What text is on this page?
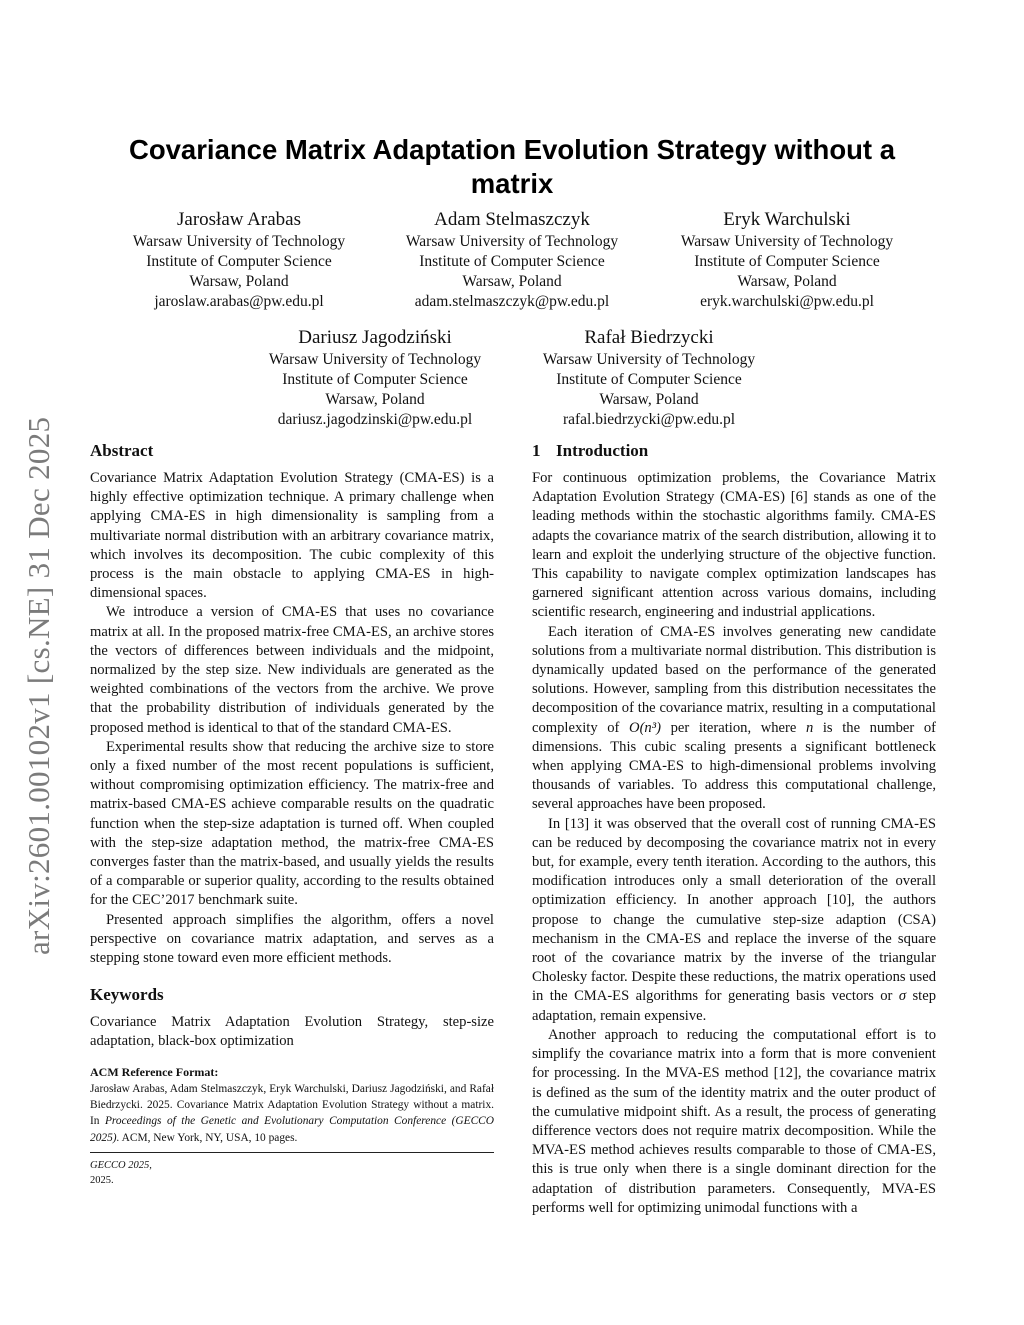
arXiv:2601.00102v1 [cs.NE] 31 Dec 2025
Covariance Matrix Adaptation Evolution Strategy without a matrix
Jarosław Arabas
Warsaw University of Technology
Institute of Computer Science
Warsaw, Poland
jaroslaw.arabas@pw.edu.pl
Adam Stelmaszczyk
Warsaw University of Technology
Institute of Computer Science
Warsaw, Poland
adam.stelmaszczyk@pw.edu.pl
Eryk Warchulski
Warsaw University of Technology
Institute of Computer Science
Warsaw, Poland
eryk.warchulski@pw.edu.pl
Dariusz Jagodziński
Warsaw University of Technology
Institute of Computer Science
Warsaw, Poland
dariusz.jagodzinski@pw.edu.pl
Rafał Biedrzycki
Warsaw University of Technology
Institute of Computer Science
Warsaw, Poland
rafal.biedrzycki@pw.edu.pl
Abstract

Covariance Matrix Adaptation Evolution Strategy (CMA-ES) is a highly effective optimization technique. A primary challenge when applying CMA-ES in high dimensionality is sampling from a multivariate normal distribution with an arbitrary covariance matrix, which involves its decomposition. The cubic complexity of this process is the main obstacle to applying CMA-ES in high-dimensional spaces.

We introduce a version of CMA-ES that uses no covariance matrix at all. In the proposed matrix-free CMA-ES, an archive stores the vectors of differences between individuals and the midpoint, normalized by the step size. New individuals are generated as the weighted combinations of the vectors from the archive. We prove that the probability distribution of individuals generated by the proposed method is identical to that of the standard CMA-ES.

Experimental results show that reducing the archive size to store only a fixed number of the most recent populations is sufficient, without compromising optimization efficiency. The matrix-free and matrix-based CMA-ES achieve comparable results on the quadratic function when the step-size adaptation is turned off. When coupled with the step-size adaptation method, the matrix-free CMA-ES converges faster than the matrix-based, and usually yields the results of a comparable or superior quality, according to the results obtained for the CEC’2017 benchmark suite.

Presented approach simplifies the algorithm, offers a novel perspective on covariance matrix adaptation, and serves as a stepping stone toward even more efficient methods.

Keywords

Covariance Matrix Adaptation Evolution Strategy, step-size adaptation, black-box optimization

ACM Reference Format:

Jarosław Arabas, Adam Stelmaszczyk, Eryk Warchulski, Dariusz Jagodziński, and Rafał Biedrzycki. 2025. Covariance Matrix Adaptation Evolution Strategy without a matrix. In Proceedings of the Genetic and Evolutionary Computation Conference (GECCO 2025). ACM, New York, NY, USA, 10 pages.

GECCO 2025,
2025.
1 Introduction

For continuous optimization problems, the Covariance Matrix Adaptation Evolution Strategy (CMA-ES) [6] stands as one of the leading methods within the stochastic algorithms family. CMA-ES adapts the covariance matrix of the search distribution, allowing it to learn and exploit the underlying structure of the objective function. This capability to navigate complex optimization landscapes has garnered significant attention across various domains, including scientific research, engineering and industrial applications.

Each iteration of CMA-ES involves generating new candidate solutions from a multivariate normal distribution. This distribution is dynamically updated based on the performance of the generated solutions. However, sampling from this distribution necessitates the decomposition of the covariance matrix, resulting in a computational complexity of O(n³) per iteration, where n is the number of dimensions. This cubic scaling presents a significant bottleneck when applying CMA-ES to high-dimensional problems involving thousands of variables. To address this computational challenge, several approaches have been proposed.

In [13] it was observed that the overall cost of running CMA-ES can be reduced by decomposing the covariance matrix not in every but, for example, every tenth iteration. According to the authors, this modification introduces only a small deterioration of the overall optimization efficiency. In another approach [10], the authors propose to change the cumulative step-size adaption (CSA) mechanism in the CMA-ES and replace the inverse of the square root of the covariance matrix by the inverse of the triangular Cholesky factor. Despite these reductions, the matrix operations used in the CMA-ES algorithms for generating basis vectors or σ step adaptation, remain expensive.

Another approach to reducing the computational effort is to simplify the covariance matrix into a form that is more convenient for processing. In the MVA-ES method [12], the covariance matrix is defined as the sum of the identity matrix and the outer product of the cumulative midpoint shift. As a result, the process of generating difference vectors does not require matrix decomposition. While the MVA-ES method achieves results comparable to those of CMA-ES, this is true only when there is a single dominant direction for the adaptation of distribution parameters. Consequently, MVA-ES performs well for optimizing unimodal functions with a
